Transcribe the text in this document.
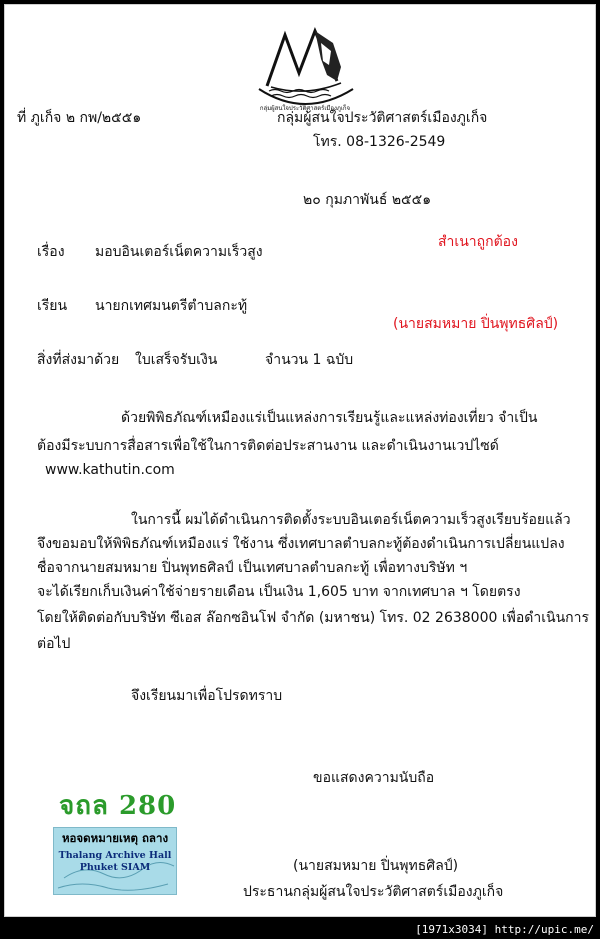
กลุ่มผู้สนใจประวัติศาสตร์เมืองภูเก็จ
ที่ ภูเก็จ ๒ กพ/๒๕๕๑	กลุ่มผู้สนใจประวัติศาสตร์เมืองภูเก็จ
โทร. 08-1326-2549
๒๐ กุมภาพันธ์ ๒๕๕๑
สำเนาถูกต้อง
เรื่อง มอบอินเตอร์เน็ตความเร็วสูง
เรียน นายกเทศมนตรีตำบลกะทู้
(นายสมหมาย ปิ่นพุทธศิลป์)
สิ่งที่ส่งมาด้วย ใบเสร็จรับเงิน	จำนวน 1 ฉบับ
ด้วยพิพิธภัณฑ์เหมืองแร่เป็นแหล่งการเรียนรู้และแหล่งท่องเที่ยว จำเป็น
ต้องมีระบบการสื่อสารเพื่อใช้ในการติดต่อประสานงาน และดำเนินงานเวปไซด์
www.kathutin.com
ในการนี้ ผมได้ดำเนินการติดตั้งระบบอินเตอร์เน็ตความเร็วสูงเรียบร้อยแล้ว
จึงขอมอบให้พิพิธภัณฑ์เหมืองแร่ ใช้งาน ซึ่งเทศบาลตำบลกะทู้ต้องดำเนินการเปลี่ยนแปลง
ชื่อจากนายสมหมาย ปิ่นพุทธศิลป์ เป็นเทศบาลตำบลกะทู้ เพื่อทางบริษัท ฯ
จะได้เรียกเก็บเงินค่าใช้จ่ายรายเดือน เป็นเงิน 1,605 บาท จากเทศบาล ฯ โดยตรง
โดยให้ติดต่อกับบริษัท ซีเอส ล๊อกซอินโฟ จำกัด (มหาชน) โทร. 02 2638000 เพื่อดำเนินการ
ต่อไป
จึงเรียนมาเพื่อโปรดทราบ
ขอแสดงความนับถือ
จถล 280
หอจดหมายเหตุ ถลาง
Thalang Archive Hall
Phuket SIAM	(นายสมหมาย ปิ่นพุทธศิลป์)
ประธานกลุ่มผู้สนใจประวัติศาสตร์เมืองภูเก็จ
[1971x3034] http://upic.me/
